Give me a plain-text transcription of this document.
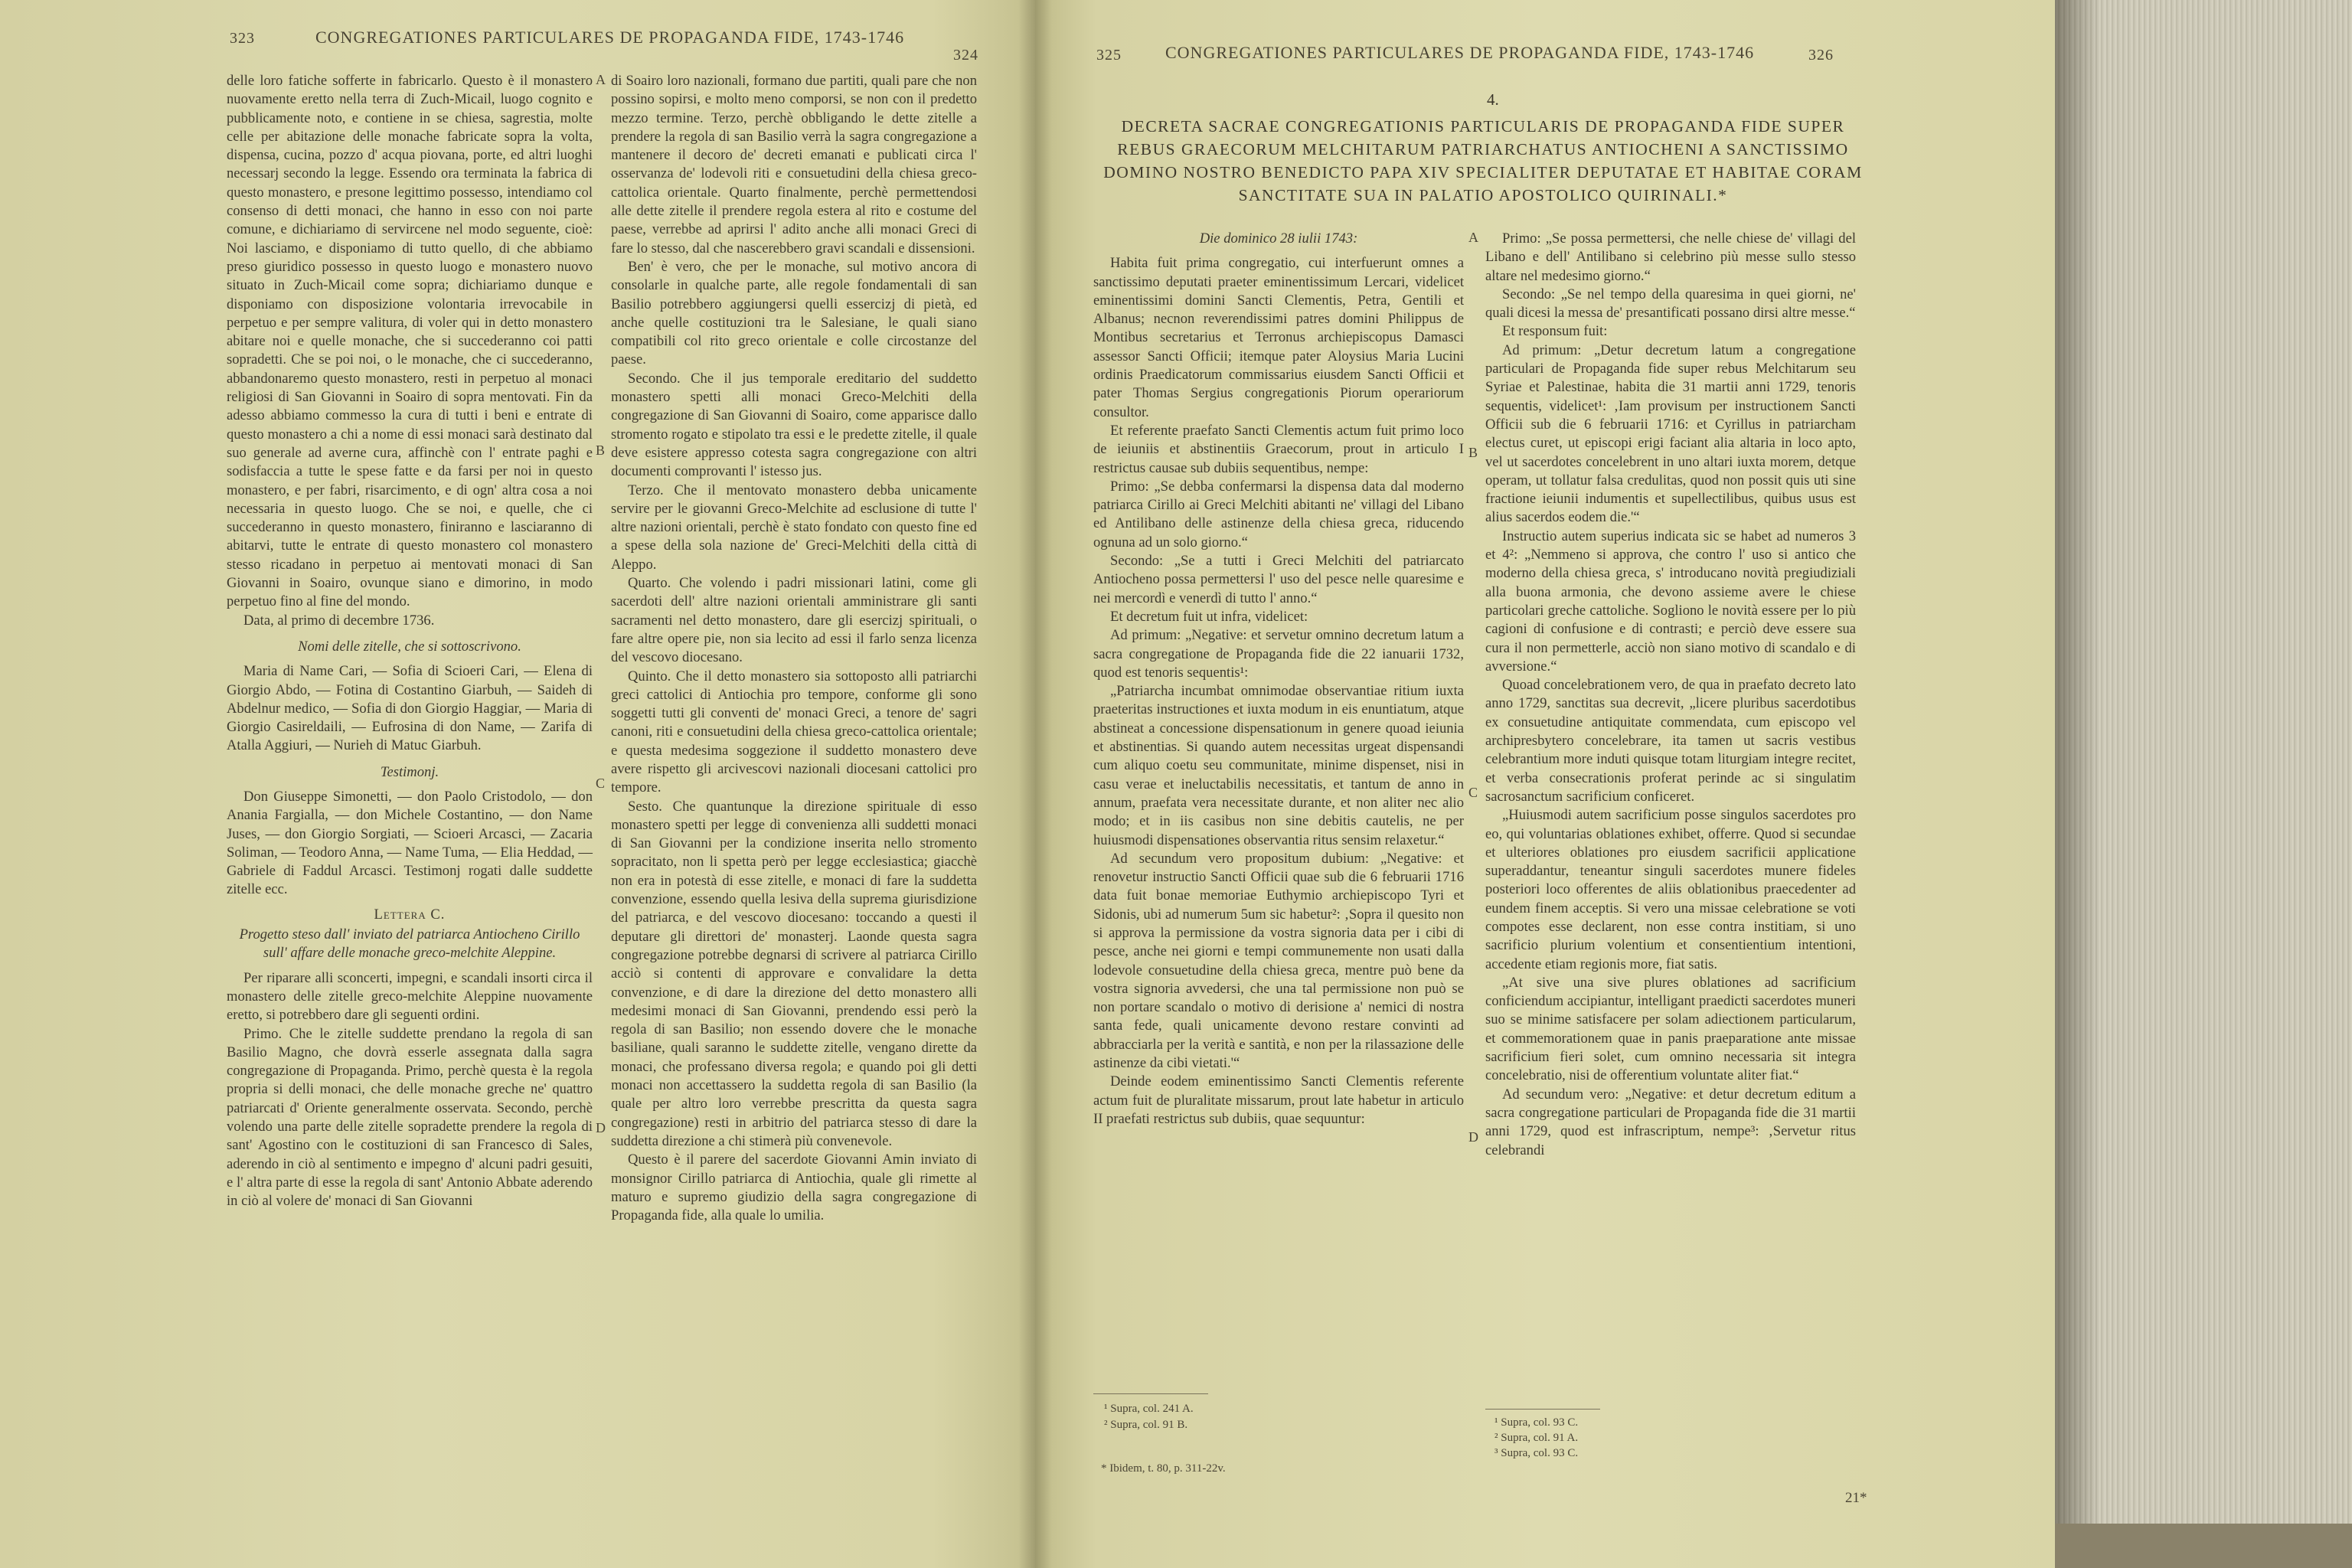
323	CONGREGATIONES PARTICULARES DE PROPAGANDA FIDE, 1743-1746
324

delle loro fatiche sofferte in fabricarlo. Questo è il monastero nuovamente eretto nella terra di Zuch-Micail, luogo cognito e pubblicamente noto, e contiene in se chiesa, sagrestia, molte celle per abitazione delle monache fabricate sopra la volta, dispensa, cucina, pozzo d' acqua piovana, porte, ed altri luoghi necessarj secondo la legge. Essendo ora terminata la fabrica di questo monastero, e presone legittimo possesso, intendiamo col consenso di detti monaci, che hanno in esso con noi parte comune, e dichiariamo di servircene nel modo seguente, cioè: Noi lasciamo, e disponiamo di tutto quello, di che abbiamo preso giuridico possesso in questo luogo e monastero nuovo situato in Zuch-Micail come sopra; dichiariamo dunque e disponiamo con disposizione volontaria irrevocabile in perpetuo e per sempre valitura, di voler qui in detto monastero abitare noi e quelle monache, che si succederanno coi patti sopradetti. Che se poi noi, o le monache, che ci succederanno, abbandonaremo questo monastero, resti in perpetuo al monaci religiosi di San Giovanni in Soairo di sopra mentovati. Fin da adesso abbiamo commesso la cura di tutti i beni e entrate di questo monastero a chi a nome di essi monaci sarà destinato dal suo generale ad averne cura, affinchè con l' entrate paghi e sodisfaccia a tutte le spese fatte e da farsi per noi in questo monastero, e per fabri, risarcimento, e di ogn' altra cosa a noi necessaria in questo luogo. Che se noi, e quelle, che ci succederanno in questo monastero, finiranno e lasciaranno di abitarvi, tutte le entrate di questo monastero col monastero stesso ricadano in perpetuo ai mentovati monaci di San Giovanni in Soairo, ovunque siano e dimorino, in modo perpetuo fino al fine del mondo.

Data, al primo di decembre 1736.

Nomi delle zitelle, che si sottoscrivono.

Maria di Name Cari, — Sofia di Scioeri Cari, — Elena di Giorgio Abdo, — Fotina di Costantino Giarbuh, — Saideh di Abdelnur medico, — Sofia di don Giorgio Haggiar, — Maria di Giorgio Casireldaili, — Eufrosina di don Name, — Zarifa di Atalla Aggiuri, — Nurieh di Matuc Giarbuh.

Testimonj.

Don Giuseppe Simonetti, — don Paolo Cristodolo, — don Anania Fargialla, — don Michele Costantino, — don Name Juses, — don Giorgio Sorgiati, — Scioeri Arcasci, — Zacaria Soliman, — Teodoro Anna, — Name Tuma, — Elia Heddad, — Gabriele di Faddul Arcasci. Testimonj rogati dalle suddette zitelle ecc.

Lettera C.

Progetto steso dall' inviato del patriarca Antiocheno Cirillo sull' affare delle monache greco-melchite Aleppine.

Per riparare alli sconcerti, impegni, e scandali insorti circa il monastero delle zitelle greco-melchite Aleppine nuovamente eretto, si potrebbero dare gli seguenti ordini.

Primo. Che le zitelle suddette prendano la regola di san Basilio Magno, che dovrà esserle assegnata dalla sagra congregazione di Propaganda. Primo, perchè questa è la regola propria si delli monaci, che delle monache greche ne' quattro patriarcati d' Oriente generalmente osservata. Secondo, perchè volendo una parte delle zitelle sopradette prendere la regola di sant' Agostino con le costituzioni di san Francesco di Sales, aderendo in ciò al sentimento e impegno d' alcuni padri gesuiti, e l' altra parte di esse la regola di sant' Antonio Abbate aderendo in ciò al volere de' monaci di San Giovanni

A
B
C
D

di Soairo loro nazionali, formano due partiti, quali pare che non possino sopirsi, e molto meno comporsi, se non con il predetto mezzo termine. Terzo, perchè obbligando le dette zitelle a prendere la regola di san Basilio verrà la sagra congregazione a mantenere il decoro de' decreti emanati e publicati circa l' osservanza de' lodevoli riti e consuetudini della chiesa greco-cattolica orientale. Quarto finalmente, perchè permettendosi alle dette zitelle il prendere regola estera al rito e costume del paese, verrebbe ad aprirsi l' adito anche alli monaci Greci di fare lo stesso, dal che nascerebbero gravi scandali e dissensioni.

Ben' è vero, che per le monache, sul motivo ancora di consolarle in qualche parte, alle regole fondamentali di san Basilio potrebbero aggiungersi quelli essercizj di pietà, ed anche quelle costituzioni tra le Salesiane, le quali siano compatibili col rito greco orientale e colle circostanze del paese.

Secondo. Che il jus temporale ereditario del suddetto monastero spetti alli monaci Greco-Melchiti della congregazione di San Giovanni di Soairo, come apparisce dallo stromento rogato e stipolato tra essi e le predette zitelle, il quale deve esistere appresso cotesta sagra congregazione con altri documenti comprovanti l' istesso jus.

Terzo. Che il mentovato monastero debba unicamente servire per le giovanni Greco-Melchite ad esclusione di tutte l' altre nazioni orientali, perchè è stato fondato con questo fine ed a spese della sola nazione de' Greci-Melchiti della città di Aleppo.

Quarto. Che volendo i padri missionari latini, come gli sacerdoti dell' altre nazioni orientali amministrare gli santi sacramenti nel detto monastero, dare gli esercizj spirituali, o fare altre opere pie, non sia lecito ad essi il farlo senza licenza del vescovo diocesano.

Quinto. Che il detto monastero sia sottoposto alli patriarchi greci cattolici di Antiochia pro tempore, conforme gli sono soggetti tutti gli conventi de' monaci Greci, a tenore de' sagri canoni, riti e consuetudini della chiesa greco-cattolica orientale; e questa medesima soggezione il suddetto monastero deve avere rispetto gli arcivescovi nazionali diocesani cattolici pro tempore.

Sesto. Che quantunque la direzione spirituale di esso monastero spetti per legge di convenienza alli suddetti monaci di San Giovanni per la condizione inserita nello stromento sopracitato, non li spetta però per legge ecclesiastica; giacchè non era in potestà di esse zitelle, e monaci di fare la suddetta convenzione, essendo quella lesiva della suprema giurisdizione del patriarca, e del vescovo diocesano: toccando a questi il deputare gli direttori de' monasterj. Laonde questa sagra congregazione potrebbe degnarsi di scrivere al patriarca Cirillo acciò si contenti di approvare e convalidare la detta convenzione, e di dare la direzione del detto monastero alli medesimi monaci di San Giovanni, prendendo essi però la regola di san Basilio; non essendo dovere che le monache basiliane, quali saranno le suddette zitelle, vengano dirette da monaci, che professano diversa regola; e quando poi gli detti monaci non accettassero la suddetta regola di san Basilio (la quale per altro loro verrebbe prescritta da questa sagra congregazione) resti in arbitrio del patriarca stesso di dare la suddetta direzione a chi stimerà più convenevole.

Questo è il parere del sacerdote Giovanni Amin inviato di monsignor Cirillo patriarca di Antiochia, quale gli rimette al maturo e supremo giudizio della sagra congregazione di Propaganda fide, alla quale lo umilia.

325	CONGREGATIONES PARTICULARES DE PROPAGANDA FIDE, 1743-1746	326
4.
DECRETA SACRAE CONGREGATIONIS PARTICULARIS DE PROPAGANDA FIDE SUPER REBUS GRAECORUM MELCHITARUM PATRIARCHATUS ANTIOCHENI A SANCTISSIMO DOMINO NOSTRO BENEDICTO PAPA XIV SPECIALITER DEPUTATAE ET HABITAE CORAM SANCTITATE SUA IN PALATIO APOSTOLICO QUIRINALI.*

Die dominico 28 iulii 1743:

Habita fuit prima congregatio, cui interfuerunt omnes a sanctissimo deputati praeter eminentissimum Lercari, videlicet eminentissimi domini Sancti Clementis, Petra, Gentili et Albanus; necnon reverendissimi patres domini Philippus de Montibus secretarius et Terronus archiepiscopus Damasci assessor Sancti Officii; itemque pater Aloysius Maria Lucini ordinis Praedicatorum commissarius eiusdem Sancti Officii et pater Thomas Sergius congregationis Piorum operariorum consultor.

Et referente praefato Sancti Clementis actum fuit primo loco de ieiuniis et abstinentiis Graecorum, prout in articulo I restrictus causae sub dubiis sequentibus, nempe:

Primo: „Se debba confermarsi la dispensa data dal moderno patriarca Cirillo ai Greci Melchiti abitanti ne' villagi del Libano ed Antilibano delle astinenze della chiesa greca, riducendo ognuna ad un solo giorno.“

Secondo: „Se a tutti i Greci Melchiti del patriarcato Antiocheno possa permettersi l' uso del pesce nelle quaresime e nei mercordì e venerdì di tutto l' anno.“

Et decretum fuit ut infra, videlicet:

Ad primum: „Negative: et servetur omnino decretum latum a sacra congregatione de Propaganda fide die 22 ianuarii 1732, quod est tenoris sequentis¹:

„Patriarcha incumbat omnimodae observantiae ritium iuxta praeteritas instructiones et iuxta modum in eis enuntiatum, atque abstineat a concessione dispensationum in genere quoad ieiunia et abstinentias. Si quando autem necessitas urgeat dispensandi cum aliquo coetu seu communitate, minime dispenset, nisi in casu verae et ineluctabilis necessitatis, et tantum de anno in annum, praefata vera necessitate durante, et non aliter nec alio modo; et in iis casibus non sine debitis cautelis, ne per huiusmodi dispensationes observantia ritus sensim relaxetur.“

Ad secundum vero propositum dubium: „Negative: et renovetur instructio Sancti Officii quae sub die 6 februarii 1716 data fuit bonae memoriae Euthymio archiepiscopo Tyri et Sidonis, ubi ad numerum 5um sic habetur²: ‚Sopra il quesito non si approva la permissione da vostra signoria data per i cibi di pesce, anche nei giorni e tempi communemente non usati dalla lodevole consuetudine della chiesa greca, mentre può bene da vostra signoria avvedersi, che una tal permissione non può se non portare scandalo o motivo di derisione a' nemici di nostra santa fede, quali unicamente devono restare convinti ad abbracciarla per la verità e santità, e non per la rilassazione delle astinenze da cibi vietati.'“

Deinde eodem eminentissimo Sancti Clementis referente actum fuit de pluralitate missarum, prout late habetur in articulo II praefati restrictus sub dubiis, quae sequuntur:

¹ Supra, col. 241 A.
² Supra, col. 91 B.
* Ibidem, t. 80, p. 311-22v.
A
B
C
D

Primo: „Se possa permettersi, che nelle chiese de' villagi del Libano e dell' Antilibano si celebrino più messe sullo stesso altare nel medesimo giorno.“

Secondo: „Se nel tempo della quaresima in quei giorni, ne' quali dicesi la messa de' presantificati possano dirsi altre messe.“

Et responsum fuit:

Ad primum: „Detur decretum latum a congregatione particulari de Propaganda fide super rebus Melchitarum seu Syriae et Palestinae, habita die 31 martii anni 1729, tenoris sequentis, videlicet¹: ‚Iam provisum per instructionem Sancti Officii sub die 6 februarii 1716: et Cyrillus in patriarcham electus curet, ut episcopi erigi faciant alia altaria in loco apto, vel ut sacerdotes concelebrent in uno altari iuxta morem, detque operam, ut tollatur falsa credulitas, quod non possit quis uti sine fractione ieiunii indumentis et supellectilibus, quibus usus est alius sacerdos eodem die.'“

Instructio autem superius indicata sic se habet ad numeros 3 et 4²: „Nemmeno si approva, che contro l' uso si antico che moderno della chiesa greca, s' introducano novità pregiudiziali alla buona armonia, che devono assieme avere le chiese particolari greche cattoliche. Sogliono le novità essere per lo più cagioni di confusione e di contrasti; e perciò deve essere sua cura il non permetterle, acciò non siano motivo di scandalo e di avversione.“

Quoad concelebrationem vero, de qua in praefato decreto lato anno 1729, sanctitas sua decrevit, „licere pluribus sacerdotibus ex consuetudine antiquitate commendata, cum episcopo vel archipresbytero concelebrare, ita tamen ut sacris vestibus celebrantium more induti quisque totam liturgiam integre recitet, et verba consecrationis proferat perinde ac si singulatim sacrosanctum sacrificium conficeret.

„Huiusmodi autem sacrificium posse singulos sacerdotes pro eo, qui voluntarias oblationes exhibet, offerre. Quod si secundae et ulteriores oblationes pro eiusdem sacrificii applicatione superaddantur, teneantur singuli sacerdotes munere fideles posteriori loco offerentes de aliis oblationibus praecedenter ad eundem finem acceptis. Si vero una missae celebratione se voti compotes esse declarent, non esse contra institiam, si uno sacrificio plurium volentium et consentientium intentioni, accedente etiam regionis more, fiat satis.

„At sive una sive plures oblationes ad sacrificium conficiendum accipiantur, intelligant praedicti sacerdotes muneri suo se minime satisfacere per solam adiectionem particularum, et commemorationem quae in panis praeparatione ante missae sacrificium fieri solet, cum omnino necessaria sit integra concelebratio, nisi de offerentium voluntate aliter fiat.“

Ad secundum vero: „Negative: et detur decretum editum a sacra congregatione particulari de Propaganda fide die 31 martii anni 1729, quod est infrascriptum, nempe³: ‚Servetur ritus celebrandi

¹ Supra, col. 93 C.
² Supra, col. 91 A.
³ Supra, col. 93 C.
21*
